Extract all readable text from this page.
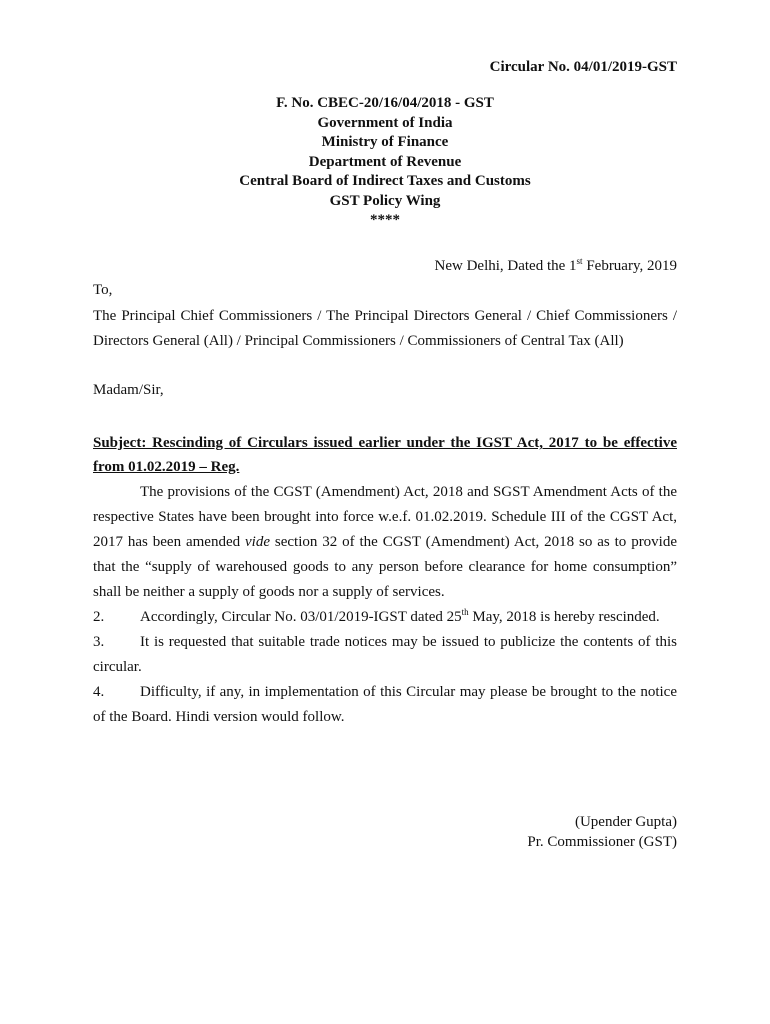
Circular No. 04/01/2019-GST
F. No. CBEC-20/16/04/2018 - GST
Government of India
Ministry of Finance
Department of Revenue
Central Board of Indirect Taxes and Customs
GST Policy Wing
****
New Delhi, Dated the 1st February, 2019
To,
The Principal Chief Commissioners / The Principal Directors General / Chief Commissioners / Directors General (All) / Principal Commissioners / Commissioners of Central Tax (All)
Madam/Sir,
Subject: Rescinding of Circulars issued earlier under the IGST Act, 2017 to be effective from 01.02.2019 – Reg.

The provisions of the CGST (Amendment) Act, 2018 and SGST Amendment Acts of the respective States have been brought into force w.e.f. 01.02.2019. Schedule III of the CGST Act, 2017 has been amended vide section 32 of the CGST (Amendment) Act, 2018 so as to provide that the “supply of warehoused goods to any person before clearance for home consumption” shall be neither a supply of goods nor a supply of services.

2. Accordingly, Circular No. 03/01/2019-IGST dated 25th May, 2018 is hereby rescinded.

3. It is requested that suitable trade notices may be issued to publicize the contents of this circular.

4. Difficulty, if any, in implementation of this Circular may please be brought to the notice of the Board. Hindi version would follow.

(Upender Gupta)
Pr. Commissioner (GST)
